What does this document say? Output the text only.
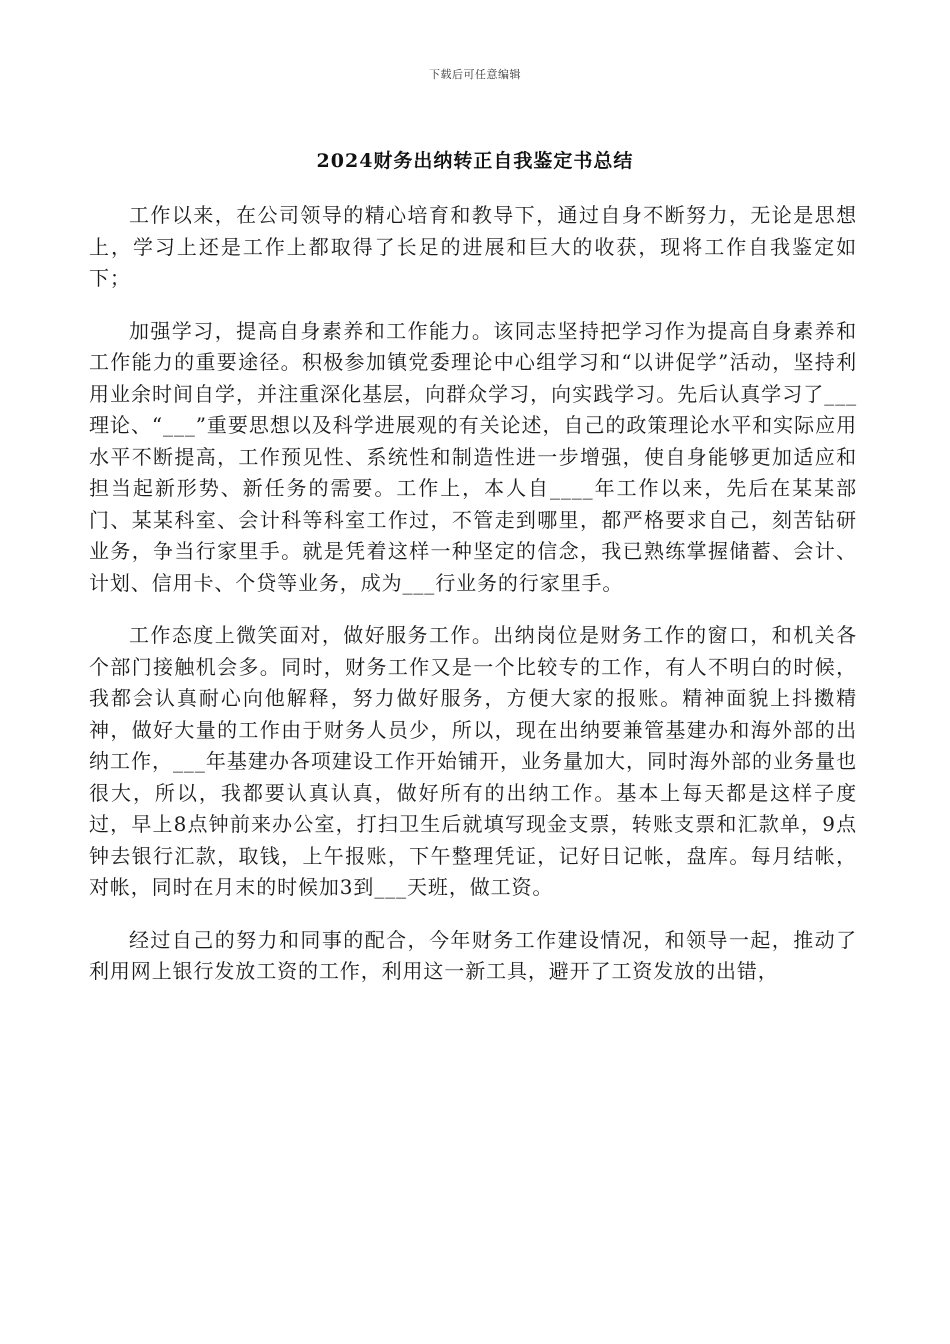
下载后可任意编辑
2024财务出纳转正自我鉴定书总结

工作以来，在公司领导的精心培育和教导下，通过自身不断努力，无论是思想上，学习上还是工作上都取得了长足的进展和巨大的收获，现将工作自我鉴定如下；

加强学习，提高自身素养和工作能力。该同志坚持把学习作为提高自身素养和工作能力的重要途径。积极参加镇党委理论中心组学习和“以讲促学”活动，坚持利用业余时间自学，并注重深化基层，向群众学习，向实践学习。先后认真学习了___理论、“___”重要思想以及科学进展观的有关论述，自己的政策理论水平和实际应用水平不断提高，工作预见性、系统性和制造性进一步增强，使自身能够更加适应和担当起新形势、新任务的需要。工作上，本人自____年工作以来，先后在某某部门、某某科室、会计科等科室工作过，不管走到哪里，都严格要求自己，刻苦钻研业务，争当行家里手。就是凭着这样一种坚定的信念，我已熟练掌握储蓄、会计、计划、信用卡、个贷等业务，成为___行业务的行家里手。

工作态度上微笑面对，做好服务工作。出纳岗位是财务工作的窗口，和机关各个部门接触机会多。同时，财务工作又是一个比较专的工作，有人不明白的时候，我都会认真耐心向他解释，努力做好服务，方便大家的报账。精神面貌上抖擞精神，做好大量的工作由于财务人员少，所以，现在出纳要兼管基建办和海外部的出纳工作，___年基建办各项建设工作开始铺开，业务量加大，同时海外部的业务量也很大，所以，我都要认真认真，做好所有的出纳工作。基本上每天都是这样子度过，早上8点钟前来办公室，打扫卫生后就填写现金支票，转账支票和汇款单，9点钟去银行汇款，取钱，上午报账，下午整理凭证，记好日记帐，盘库。每月结帐，对帐，同时在月末的时候加3到___天班，做工资。

经过自己的努力和同事的配合，今年财务工作建设情况，和领导一起，推动了利用网上银行发放工资的工作，利用这一新工具，避开了工资发放的出错，
